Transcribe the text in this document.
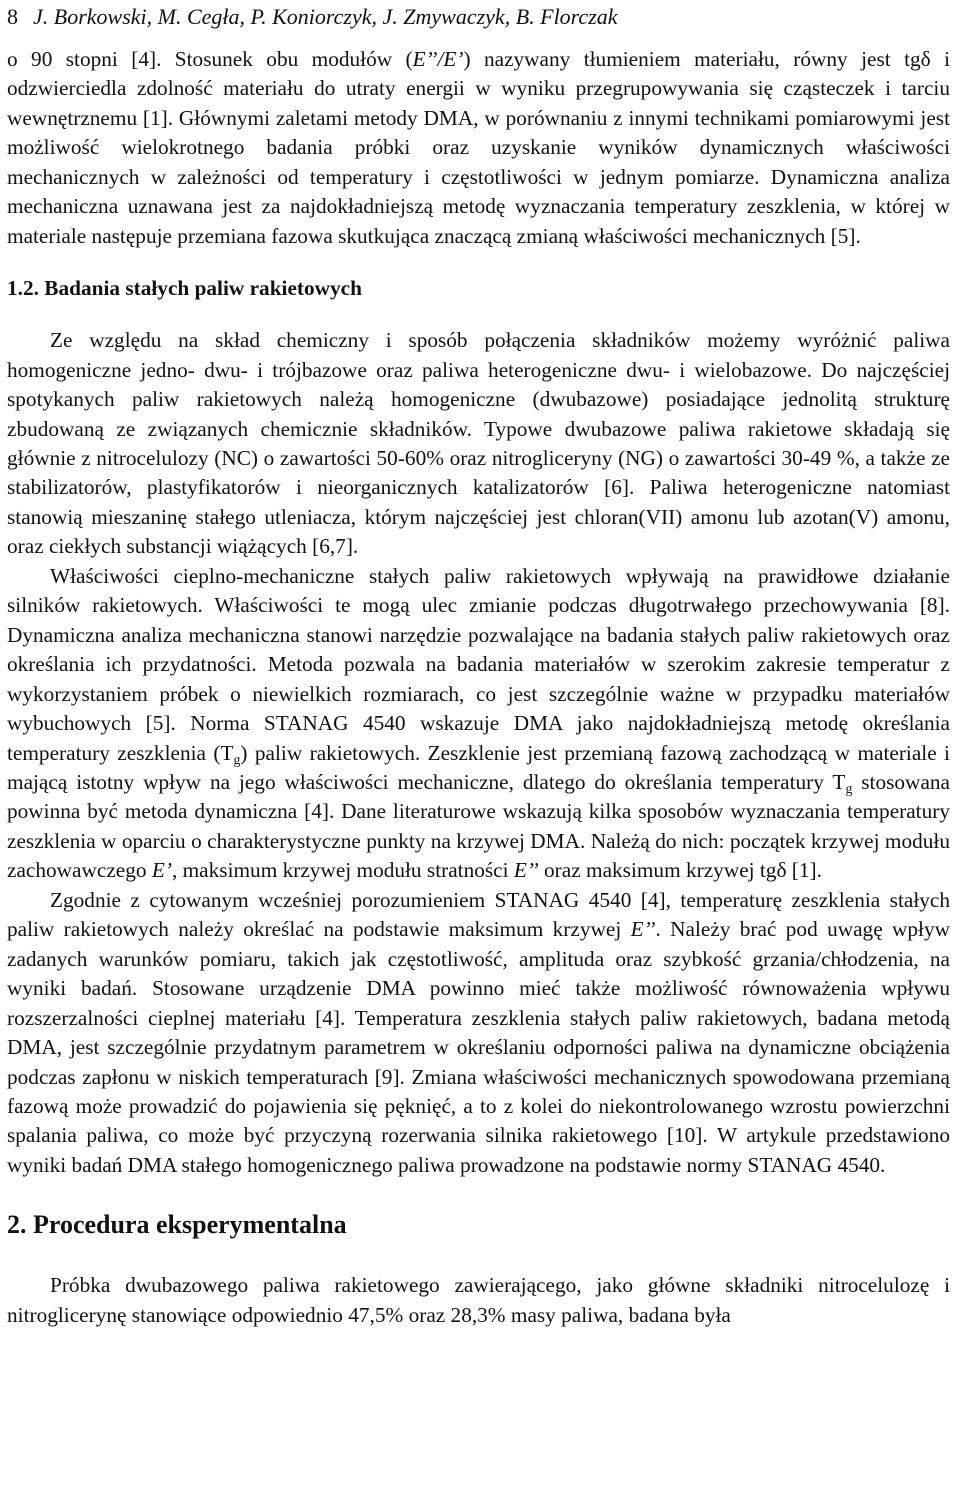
8 J. Borkowski, M. Cegła, P. Koniorczyk, J. Zmywaczyk, B. Florczak

o 90 stopni [4]. Stosunek obu modułów (E’’/E’) nazywany tłumieniem materiału, równy jest tgδ i odzwierciedla zdolność materiału do utraty energii w wyniku przegrupowywania się cząsteczek i tarciu wewnętrznemu [1]. Głównymi zaletami metody DMA, w porównaniu z innymi technikami pomiarowymi jest możliwość wielokrotnego badania próbki oraz uzyskanie wyników dynamicznych właściwości mechanicznych w zależności od temperatury i częstotliwości w jednym pomiarze. Dynamiczna analiza mechaniczna uznawana jest za najdokładniejszą metodę wyznaczania temperatury zeszklenia, w której w materiale następuje przemiana fazowa skutkująca znaczącą zmianą właściwości mechanicznych [5].

1.2. Badania stałych paliw rakietowych

Ze względu na skład chemiczny i sposób połączenia składników możemy wyróżnić paliwa homogeniczne jedno- dwu- i trójbazowe oraz paliwa heterogeniczne dwu- i wielobazowe. Do najczęściej spotykanych paliw rakietowych należą homogeniczne (dwubazowe) posiadające jednolitą strukturę zbudowaną ze związanych chemicznie składników. Typowe dwubazowe paliwa rakietowe składają się głównie z nitrocelulozy (NC) o zawartości 50-60% oraz nitrogliceryny (NG) o zawartości 30-49 %, a także ze stabilizatorów, plastyfikatorów i nieorganicznych katalizatorów [6]. Paliwa heterogeniczne natomiast stanowią mieszaninę stałego utleniacza, którym najczęściej jest chloran(VII) amonu lub azotan(V) amonu, oraz ciekłych substancji wiążących [6,7].

Właściwości cieplno-mechaniczne stałych paliw rakietowych wpływają na prawidłowe działanie silników rakietowych. Właściwości te mogą ulec zmianie podczas długotrwałego przechowywania [8]. Dynamiczna analiza mechaniczna stanowi narzędzie pozwalające na badania stałych paliw rakietowych oraz określania ich przydatności. Metoda pozwala na badania materiałów w szerokim zakresie temperatur z wykorzystaniem próbek o niewielkich rozmiarach, co jest szczególnie ważne w przypadku materiałów wybuchowych [5]. Norma STANAG 4540 wskazuje DMA jako najdokładniejszą metodę określania temperatury zeszklenia $(T_g)$ paliw rakietowych. Zeszklenie jest przemianą fazową zachodzącą w materiale i mającą istotny wpływ na jego właściwości mechaniczne, dlatego do określania temperatury $T_g$ stosowana powinna być metoda dynamiczna [4]. Dane literaturowe wskazują kilka sposobów wyznaczania temperatury zeszklenia w oparciu o charakterystyczne punkty na krzywej DMA. Należą do nich: początek krzywej modułu zachowawczego E’, maksimum krzywej modułu stratności E’’ oraz maksimum krzywej tgδ [1].

Zgodnie z cytowanym wcześniej porozumieniem STANAG 4540 [4], temperaturę zeszklenia stałych paliw rakietowych należy określać na podstawie maksimum krzywej E’’. Należy brać pod uwagę wpływ zadanych warunków pomiaru, takich jak częstotliwość, amplituda oraz szybkość grzania/chłodzenia, na wyniki badań. Stosowane urządzenie DMA powinno mieć także możliwość równoważenia wpływu rozszerzalności cieplnej materiału [4]. Temperatura zeszklenia stałych paliw rakietowych, badana metodą DMA, jest szczególnie przydatnym parametrem w określaniu odporności paliwa na dynamiczne obciążenia podczas zapłonu w niskich temperaturach [9]. Zmiana właściwości mechanicznych spowodowana przemianą fazową może prowadzić do pojawienia się pęknięć, a to z kolei do niekontrolowanego wzrostu powierzchni spalania paliwa, co może być przyczyną rozerwania silnika rakietowego [10]. W artykule przedstawiono wyniki badań DMA stałego homogenicznego paliwa prowadzone na podstawie normy STANAG 4540.

2. Procedura eksperymentalna

Próbka dwubazowego paliwa rakietowego zawierającego, jako główne składniki nitrocelulozę i nitroglicerynę stanowiące odpowiednio 47,5% oraz 28,3% masy paliwa, badana była
